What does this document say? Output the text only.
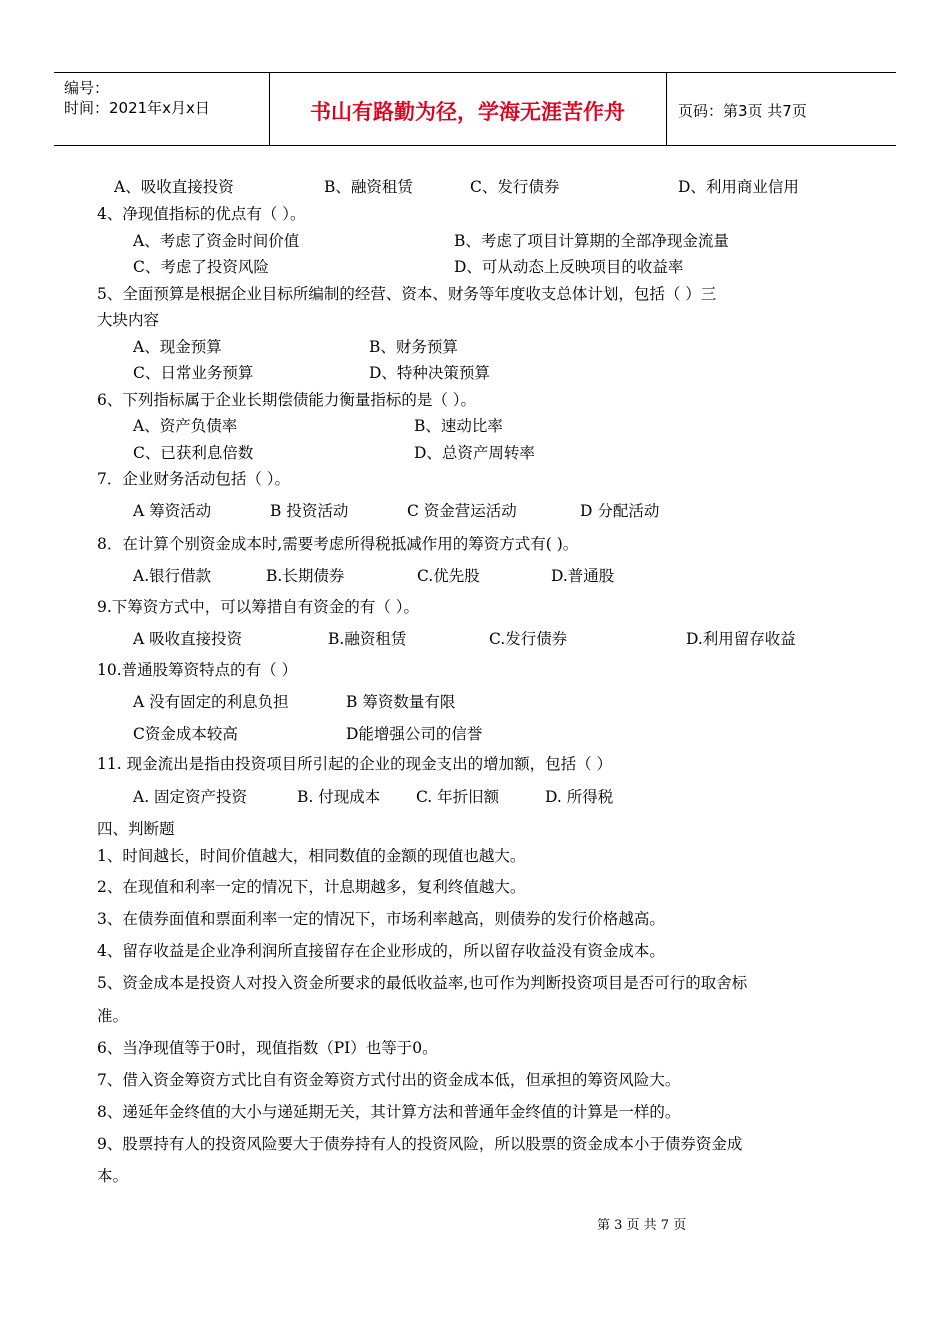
编号：
时间：2021年x月x日	书山有路勤为径，学海无涯苦作舟	页码：第3页 共7页
A、吸收直接投资	B、融资租赁	C、发行债券	D、利用商业信用
4、净现值指标的优点有（ ）。
A、考虑了资金时间价值	B、考虑了项目计算期的全部净现金流量
C、考虑了投资风险	D、可从动态上反映项目的收益率
5、全面预算是根据企业目标所编制的经营、资本、财务等年度收支总体计划，包括（ ）三
大块内容
A、现金预算	B、财务预算
C、日常业务预算	D、特种决策预算
6、下列指标属于企业长期偿债能力衡量指标的是（ ）。
A、资产负债率	B、速动比率
C、已获利息倍数	D、总资产周转率
7．企业财务活动包括（ ）。
A 筹资活动	B 投资活动	C 资金营运活动	D 分配活动
8．在计算个别资金成本时,需要考虑所得税抵减作用的筹资方式有( )。
A.银行借款	B.长期债券	C.优先股	D.普通股
9.下筹资方式中，可以筹措自有资金的有（ ）。
A 吸收直接投资	B.融资租赁	C.发行债券	D.利用留存收益
10.普通股筹资特点的有（ ）
A 没有固定的利息负担	B 筹资数量有限
C资金成本较高	D能增强公司的信誉
11. 现金流出是指由投资项目所引起的企业的现金支出的增加额，包括（ ）
A. 固定资产投资	B. 付现成本 C. 年折旧额	D. 所得税
四、判断题
1、时间越长，时间价值越大，相同数值的金额的现值也越大。
2、在现值和利率一定的情况下，计息期越多，复利终值越大。
3、在债券面值和票面利率一定的情况下，市场利率越高，则债券的发行价格越高。
4、留存收益是企业净利润所直接留存在企业形成的，所以留存收益没有资金成本。
5、资金成本是投资人对投入资金所要求的最低收益率,也可作为判断投资项目是否可行的取舍标
准。
6、当净现值等于0时，现值指数（PI）也等于0。
7、借入资金筹资方式比自有资金筹资方式付出的资金成本低，但承担的筹资风险大。
8、递延年金终值的大小与递延期无关，其计算方法和普通年金终值的计算是一样的。
9、股票持有人的投资风险要大于债券持有人的投资风险，所以股票的资金成本小于债券资金成
本。
第 3 页 共 7 页
